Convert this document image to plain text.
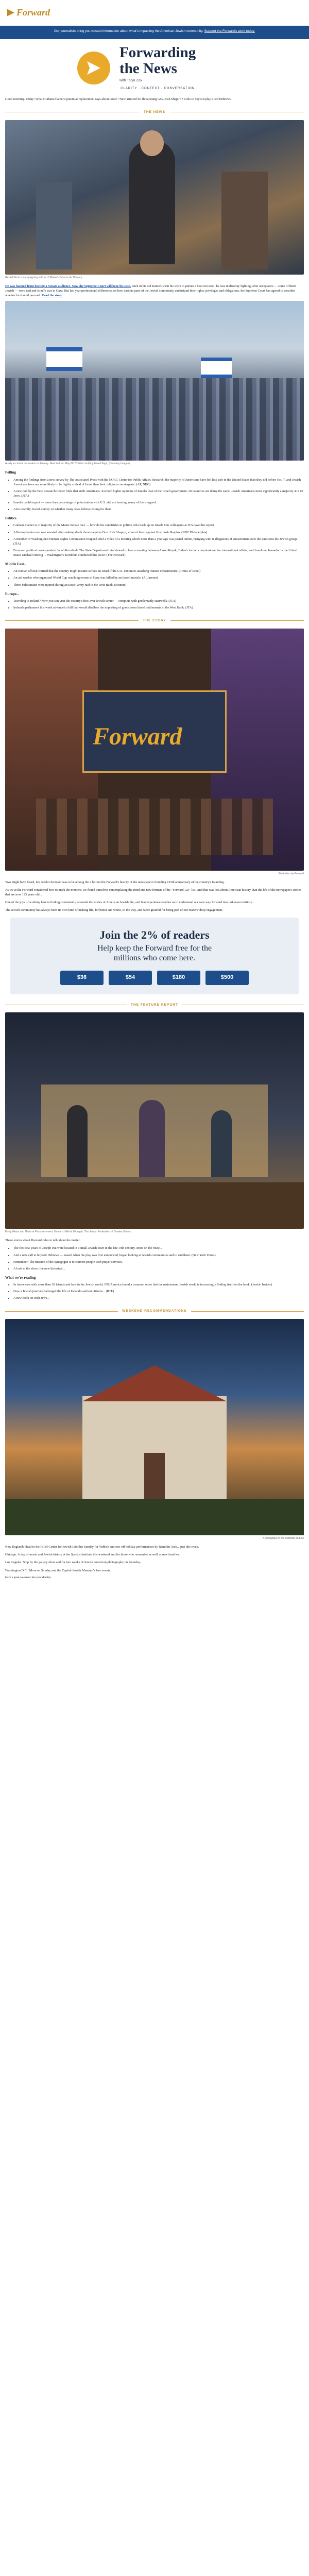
Forward
Our journalists bring you trusted information about what's impacting the American Jewish community. Support the Forward's work today.
Forwarding
the News
with Talya Zax
CLARITY · CONTEXT · CONVERSATION

Good morning. Today: What Graham Platner's potential replacement says about Israel • New arrested for threatening Gov. Josh Shapiro • Calls to boycott play titled Hebrews.

THE NEWS

Gerald Gorin is campaigning in front of Maine's Democratic Primary...

He was banned from hosting a Senate audience. Now she Supreme Court will hear his case. Back in his old Daniel Gorin his work to pursue a boat on Israel, he was in disarray fighting, after acceptance — some of them Jewish — were tied and Israel's war in Gaza. But last year professional differences on how various parts of the Jewish community understand their rights, privileges and obligations, the Supreme Court has agreed to consider whether he should proceed. Read the story.

A rally in central Jerusalem in January. New York on May 20. Children holding Israeli flags, (Courtesy Images)

Polling
• Among the findings from a new survey by The Associated Press with the NORC Center for Public Affairs Research: the majority of Americans have felt less safe in the United States than they did before Oct. 7, and Jewish Americans have are more likely to be highly critical of Israel than their religious counterparts. (AP, NBC)
• A new poll by the Pew Research Center finds that sixth Americans: 4/4 hold higher opinions of Israelis than of the Israeli government, 20 countries are doing the same. Jewish Americans more significantly a majority 4 in 10 Jews. (JTA)
• Israelis could expect — more than percentage of polarization with U.S. aid, are leaving, many of them argued...
• Also recently Jewish survey on whether many Jews believe voting for them.
Politics
• Graham Platner is of majority of the Maine Senate race — how do his candidates in politics who back up on Israel? Our colleagues at JTA have this report.
• A Pennsylvania man was arrested after making death threats against Gov. Josh Shapiro, some of them against Gov. Josh Shapiro. (NBC Philadelphia)
• A member of Washington's Human Rights Commission resigned after a video of a meeting which more than a year ago was posted online, bringing with it allegations of antisemitism over the questions the Jewish group. (JTA)
• From our political correspondent Jacob Kornbluh: The State Department interviewed to hear a meeting between Aaron Keyak, Biden's former commissioner for international affairs, and Israel's ambassador in the United States Michael Herzog ... Washington's Kornbluh conducted this piece: (The Forward)
Middle East...
• An Iranian official warned that the country might resume strikes on Israel if the U.S. continues attacking Iranian infrastructure. (Times of Israel)
• An aid worker who organized World Cup watching events in Gaza was killed by an Israeli missile. (Al Jazeera)
• Three Palestinians were injured during an Israeli army raid in the West Bank. (Reuters)
Europe...
• Traveling to Ireland? Now you can visit the country's first-ever Jewish center — complete with gentlemanly stairwells. (JTA)
• Ireland's parliament this week advanced a bill that would disallow the importing of goods from Israeli settlements in the West Bank. (JTA)
THE ESSAY
Forward

Illustration by Forward

Two might have heard, last week's decision was to be among the 2 billion the Forward's history of the newspaper's founding 125th anniversary of the country's founding.

As we at the Forward considered how to mark the moment, we found ourselves contemplating the trend and new formats of the "Forward 125" list. And that was less about American history than the life of the newspaper's stories that are now 125 years old...

One of the joys of working here is finding consistently essential the stories of American Jewish life, and that experience enables us to understand our own way forward into unknown territory...

The Jewish community has always been its own kind of making life, for better and worse, in the way, and we're grateful for being part of our readers' deep engagement.

Join the 2% of readers
Help keep the Forward free for the
millions who come here.
$36	$54	$180	$500
THE FEATURE REPORT

Emily Weiss and Maria at Passover event. Harvard Hillel at Midnight. The Jewish Federation of Greater Boston...

These stories about Harvard rules to talk about the matter:

• The first few years of Joseph Paz were located in a small Jewish town in the late 19th century. More on the route...
• And a new call to boycott Hebrews — issued when the play was first announced, began looking at Jewish communities and to end them. (New York Times)
• Remember: The mission of the synagogue is to connect people with prayer services.
• A look at the shore: the new historical...
What we're reading
• In interviews with more than 30 friends and fans in the Jewish world, JNS America found a common sense that the mainstream Jewish world is increasingly finding itself on the hook. (Jewish Insider)
• How a Jewish journal challenged the life of Ireland's earliest citizens... (RTÉ)
• A new book on Irish Jews...
WEEKEND RECOMMENDATIONS

A synagogue in the Catskills at dusk

New England: Head to the Hillel Center for Jewish Life this Sunday for Yiddish and one-off holiday performances by Ramblin' Jack... just this week.

Chicago: A day of music and Jewish history at the Spertus Institute this weekend and for those who remember as well as new families.

Los Angeles: Stop by the gallery show and for two weeks of Jewish American photography on Saturday...

Washington D.C.: More on Sunday and the Capitol Jewish Museum's free events.

Have a great weekend. See you Monday.
